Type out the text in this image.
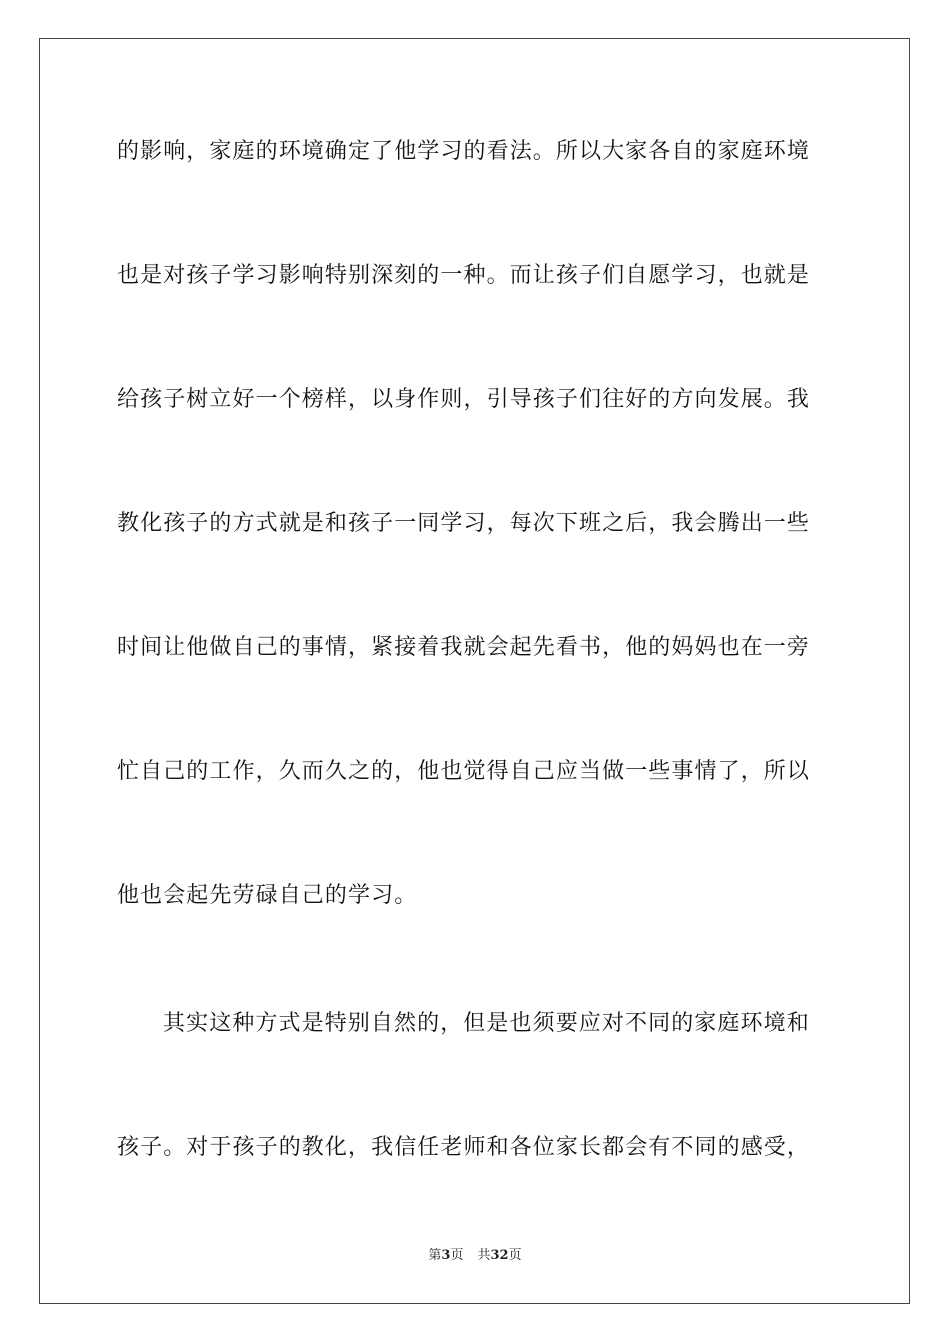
的影响，家庭的环境确定了他学习的看法。所以大家各自的家庭环境
也是对孩子学习影响特别深刻的一种。而让孩子们自愿学习，也就是
给孩子树立好一个榜样，以身作则，引导孩子们往好的方向发展。我
教化孩子的方式就是和孩子一同学习，每次下班之后，我会腾出一些
时间让他做自己的事情，紧接着我就会起先看书，他的妈妈也在一旁
忙自己的工作，久而久之的，他也觉得自己应当做一些事情了，所以
他也会起先劳碌自己的学习。
其实这种方式是特别自然的，但是也须要应对不同的家庭环境和
孩子。对于孩子的教化，我信任老师和各位家长都会有不同的感受，
第3页 共32页
